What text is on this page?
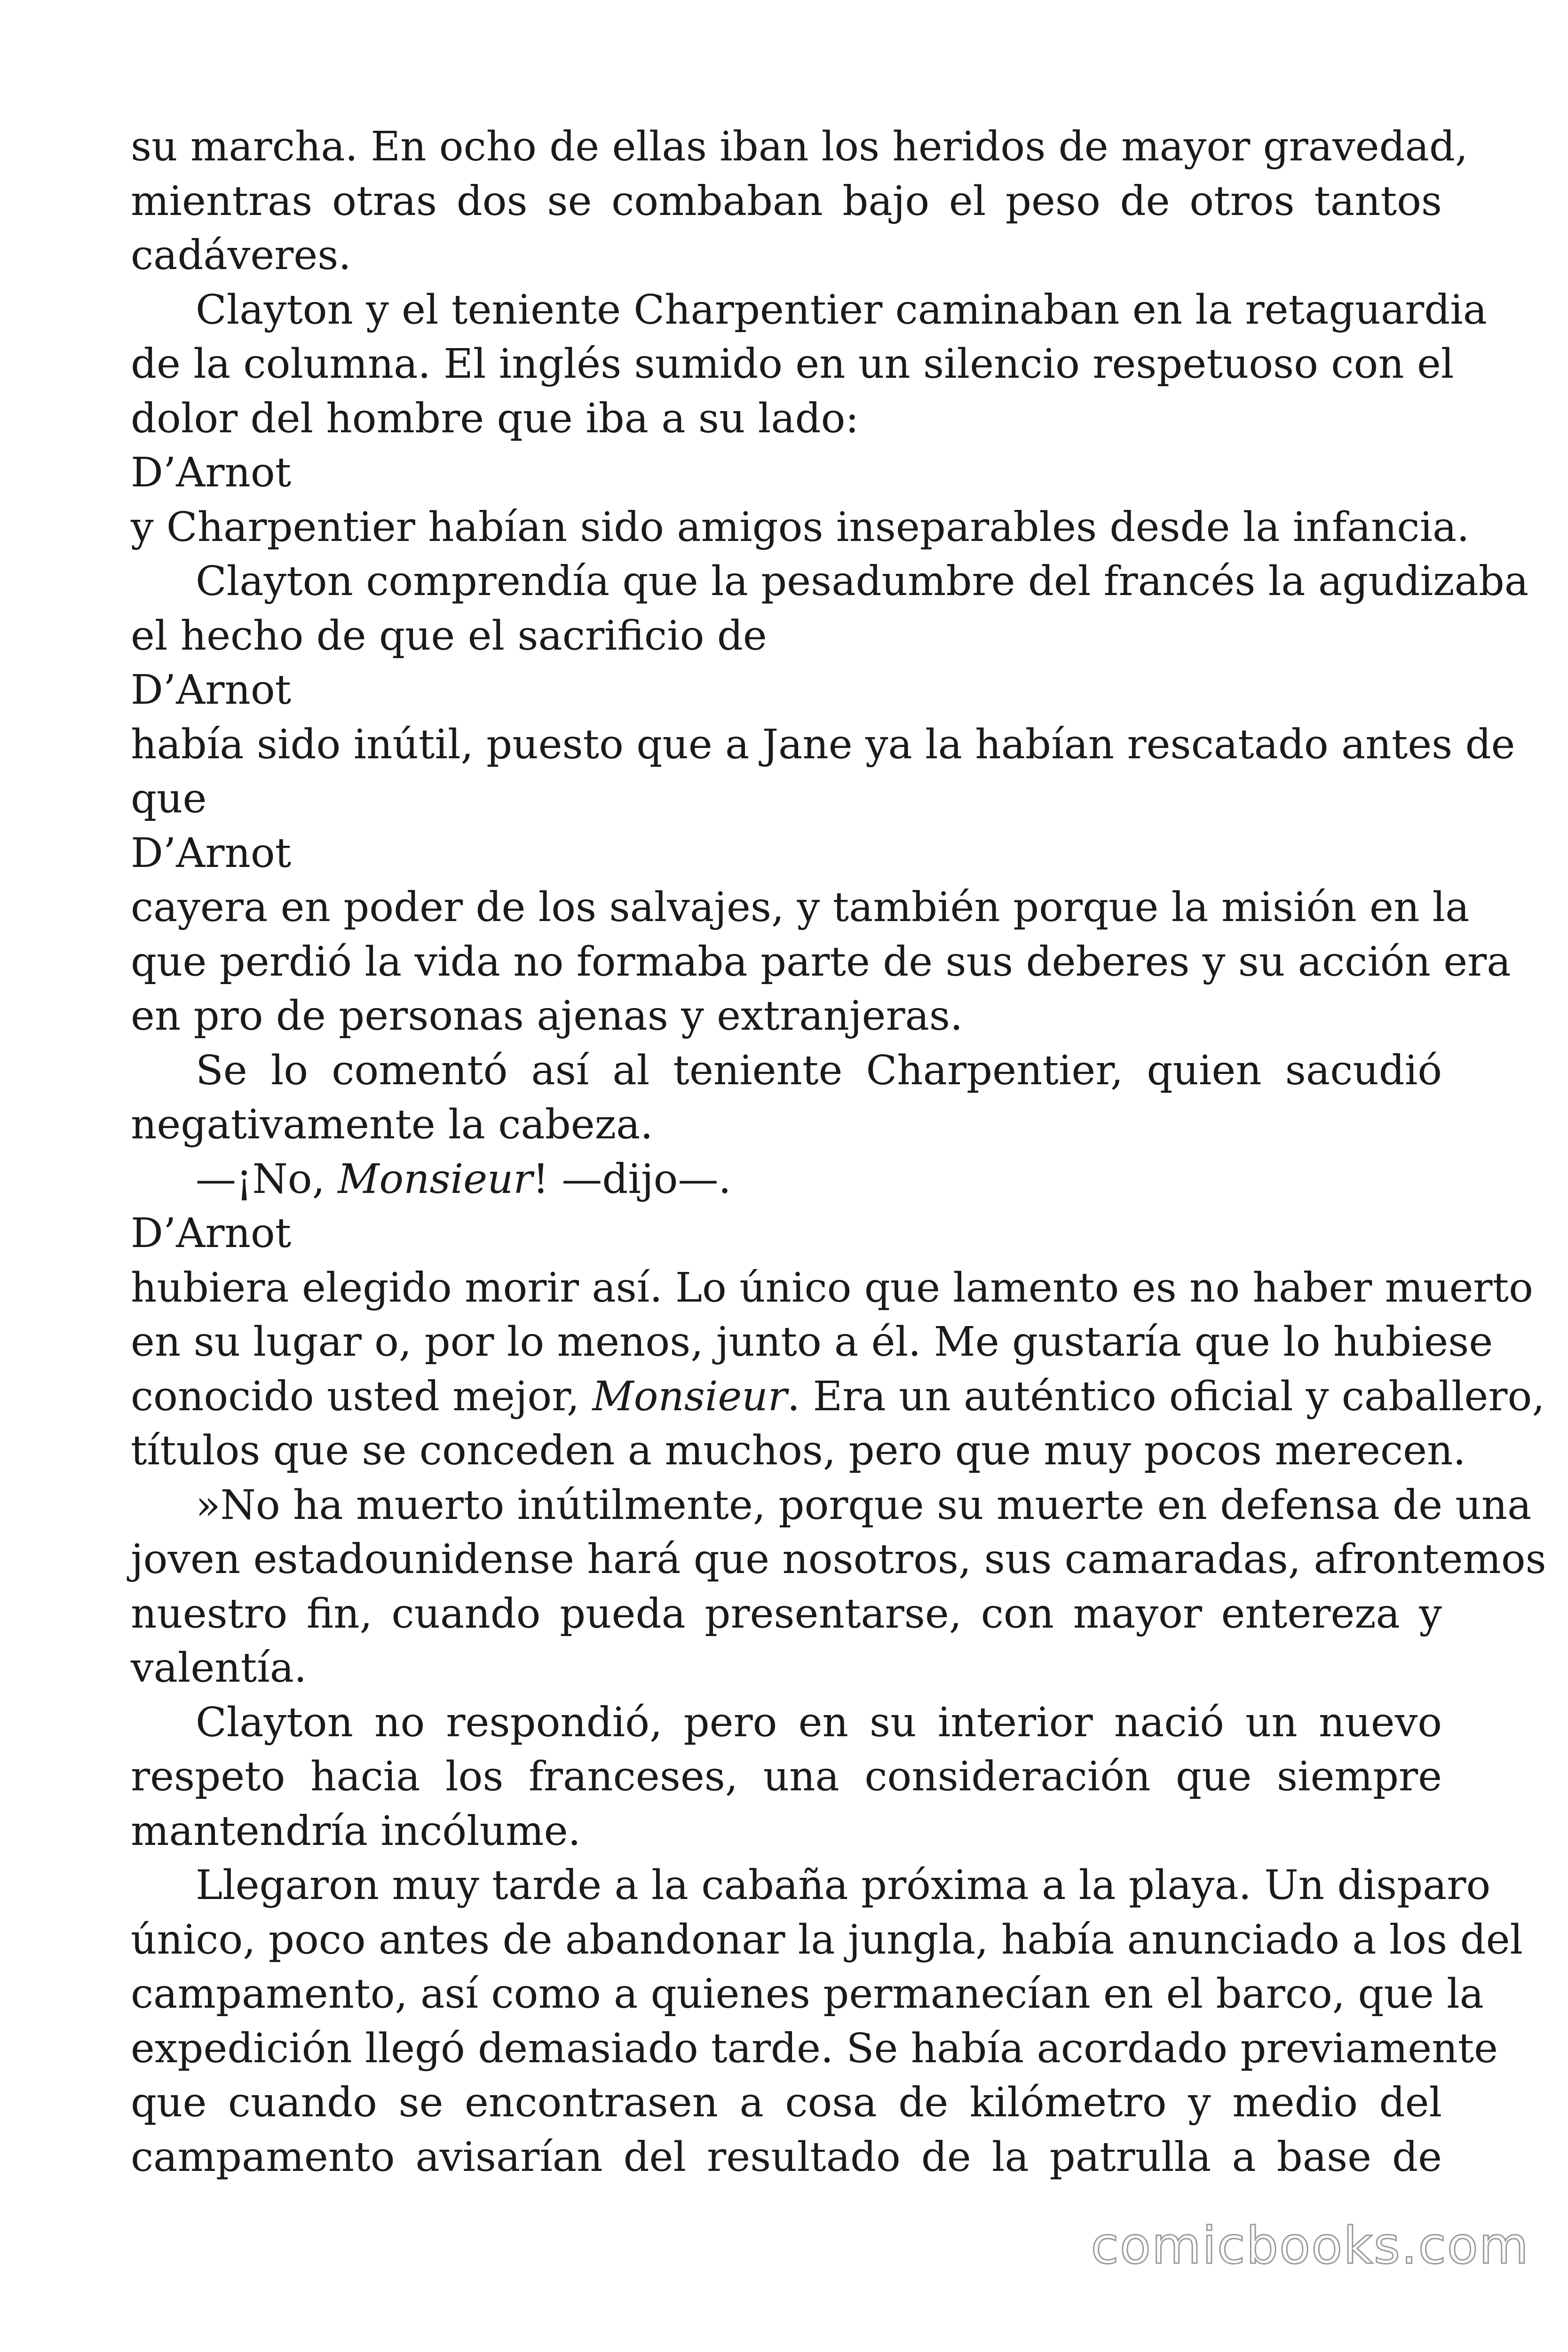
su marcha. En ocho de ellas iban los heridos de mayor gravedad,
mientras otras dos se combaban bajo el peso de otros tantos
cadáveres.
Clayton y el teniente Charpentier caminaban en la retaguardia
de la columna. El inglés sumido en un silencio respetuoso con el
dolor del hombre que iba a su lado:
D’Arnot
y Charpentier habían sido amigos inseparables desde la infancia.
Clayton comprendía que la pesadumbre del francés la agudizaba
el hecho de que el sacrificio de
D’Arnot
había sido inútil, puesto que a Jane ya la habían rescatado antes de
que
D’Arnot
cayera en poder de los salvajes, y también porque la misión en la
que perdió la vida no formaba parte de sus deberes y su acción era
en pro de personas ajenas y extranjeras.
Se lo comentó así al teniente Charpentier, quien sacudió
negativamente la cabeza.
—¡No, Monsieur! —dijo—.
D’Arnot
hubiera elegido morir así. Lo único que lamento es no haber muerto
en su lugar o, por lo menos, junto a él. Me gustaría que lo hubiese
conocido usted mejor, Monsieur. Era un auténtico oficial y caballero,
títulos que se conceden a muchos, pero que muy pocos merecen.
»No ha muerto inútilmente, porque su muerte en defensa de una
joven estadounidense hará que nosotros, sus camaradas, afrontemos
nuestro fin, cuando pueda presentarse, con mayor entereza y
valentía.
Clayton no respondió, pero en su interior nació un nuevo
respeto hacia los franceses, una consideración que siempre
mantendría incólume.
Llegaron muy tarde a la cabaña próxima a la playa. Un disparo
único, poco antes de abandonar la jungla, había anunciado a los del
campamento, así como a quienes permanecían en el barco, que la
expedición llegó demasiado tarde. Se había acordado previamente
que cuando se encontrasen a cosa de kilómetro y medio del
campamento avisarían del resultado de la patrulla a base de
comicbooks.com
